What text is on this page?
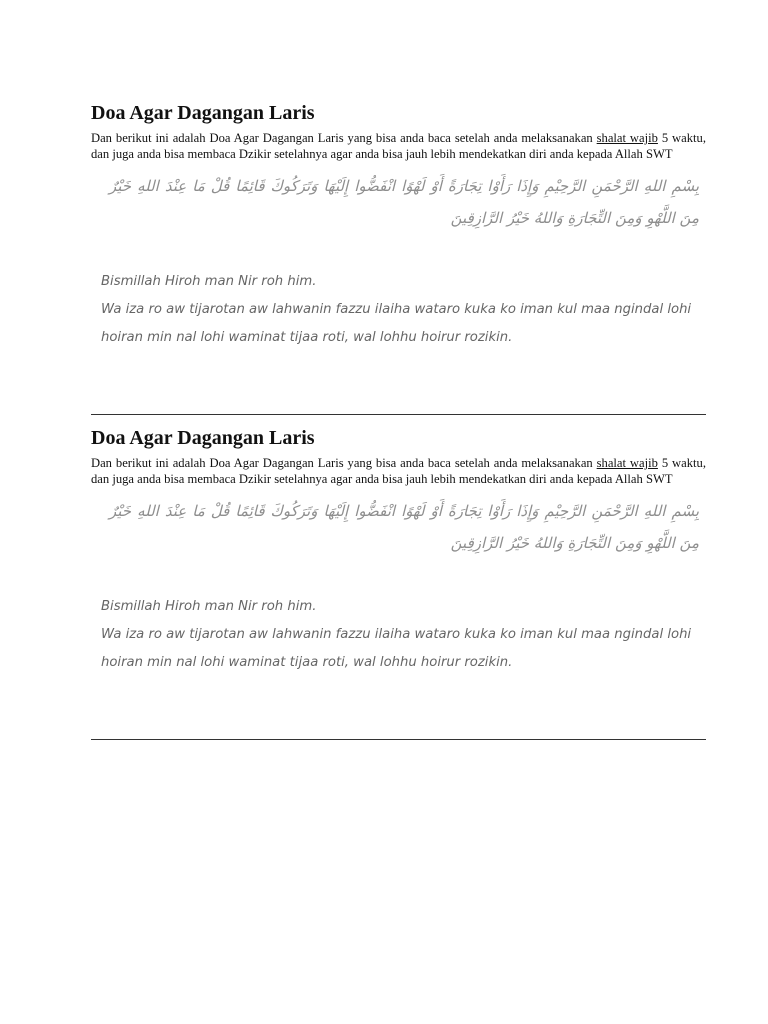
Doa Agar Dagangan Laris

Dan berikut ini adalah Doa Agar Dagangan Laris yang bisa anda baca setelah anda melaksanakan shalat wajib 5 waktu, dan juga anda bisa membaca Dzikir setelahnya agar anda bisa jauh lebih mendekatkan diri anda kepada Allah SWT

بِسْمِ اللهِ الرَّحْمَنِ الرَّحِيْمِ وَإِذَا رَأَوْا تِجَارَةً أَوْ لَهْوًا انْفَضُّوا إِلَيْهَا وَتَرَكُوكَ قَائِمًا قُلْ مَا عِنْدَ اللهِ خَيْرٌ مِنَ اللَّهْوِ وَمِنَ التِّجَارَةِ وَاللهُ خَيْرُ الرَّازِقِينَ
Bismillah Hiroh man Nir roh him.
Wa iza ro aw tijarotan aw lahwanin fazzu ilaiha wataro kuka ko iman kul maa ngindal lohi
hoiran min nal lohi waminat tijaa roti, wal lohhu hoirur rozikin.
Doa Agar Dagangan Laris

Dan berikut ini adalah Doa Agar Dagangan Laris yang bisa anda baca setelah anda melaksanakan shalat wajib 5 waktu, dan juga anda bisa membaca Dzikir setelahnya agar anda bisa jauh lebih mendekatkan diri anda kepada Allah SWT

بِسْمِ اللهِ الرَّحْمَنِ الرَّحِيْمِ وَإِذَا رَأَوْا تِجَارَةً أَوْ لَهْوًا انْفَضُّوا إِلَيْهَا وَتَرَكُوكَ قَائِمًا قُلْ مَا عِنْدَ اللهِ خَيْرٌ مِنَ اللَّهْوِ وَمِنَ التِّجَارَةِ وَاللهُ خَيْرُ الرَّازِقِينَ
Bismillah Hiroh man Nir roh him.
Wa iza ro aw tijarotan aw lahwanin fazzu ilaiha wataro kuka ko iman kul maa ngindal lohi
hoiran min nal lohi waminat tijaa roti, wal lohhu hoirur rozikin.
